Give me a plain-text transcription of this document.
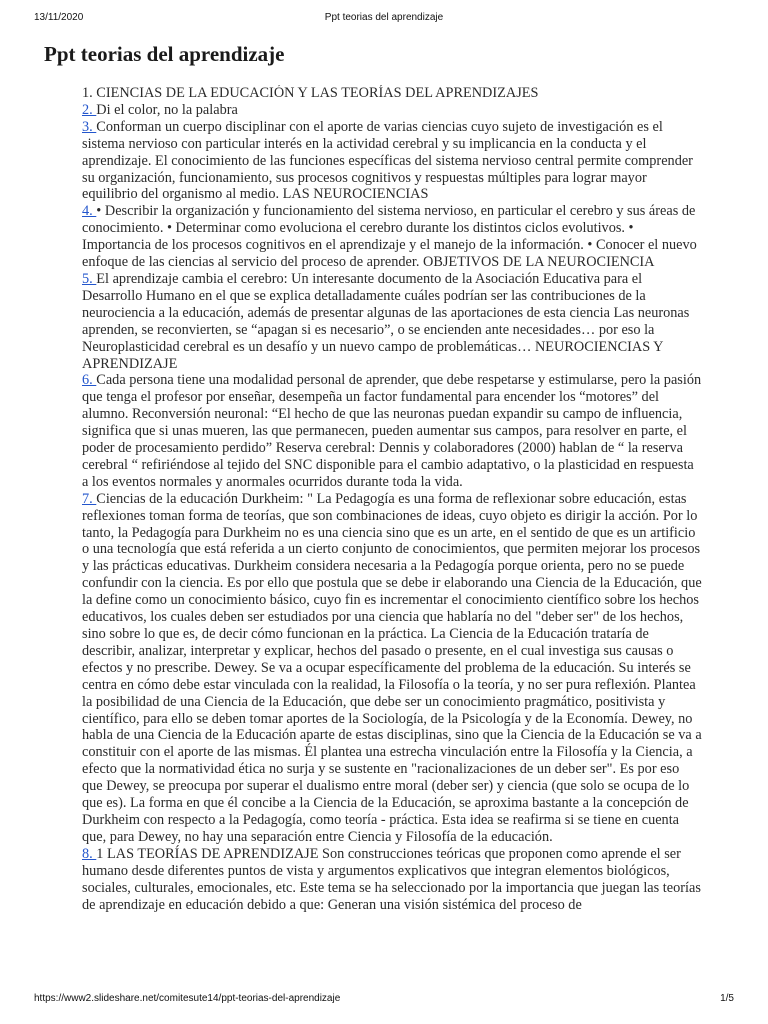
13/11/2020	Ppt teorias del aprendizaje
Ppt teorias del aprendizaje
1. 1. CIENCIAS DE LA EDUCACIÓN Y LAS TEORÍAS DEL APRENDIZAJES
2. 2. Di el color, no la palabra
3. 3. Conforman un cuerpo disciplinar con el aporte de varias ciencias cuyo sujeto de investigación es el sistema nervioso con particular interés en la actividad cerebral y su implicancia en la conducta y el aprendizaje. El conocimiento de las funciones específicas del sistema nervioso central permite comprender su organización, funcionamiento, sus procesos cognitivos y respuestas múltiples para lograr mayor equilibrio del organismo al medio. LAS NEUROCIENCIAS
4. 4. • Describir la organización y funcionamiento del sistema nervioso, en particular el cerebro y sus áreas de conocimiento. • Determinar como evoluciona el cerebro durante los distintos ciclos evolutivos. • Importancia de los procesos cognitivos en el aprendizaje y el manejo de la información. • Conocer el nuevo enfoque de las ciencias al servicio del proceso de aprender. OBJETIVOS DE LA NEUROCIENCIA
5. 5. El aprendizaje cambia el cerebro: Un interesante documento de la Asociación Educativa para el Desarrollo Humano en el que se explica detalladamente cuáles podrían ser las contribuciones de la neurociencia a la educación, además de presentar algunas de las aportaciones de esta ciencia Las neuronas aprenden, se reconvierten, se “apagan si es necesario”, o se encienden ante necesidades… por eso la Neuroplasticidad cerebral es un desafío y un nuevo campo de problemáticas… NEUROCIENCIAS Y APRENDIZAJE
6. 6. Cada persona tiene una modalidad personal de aprender, que debe respetarse y estimularse, pero la pasión que tenga el profesor por enseñar, desempeña un factor fundamental para encender los “motores” del alumno. Reconversión neuronal: “El hecho de que las neuronas puedan expandir su campo de influencia, significa que si unas mueren, las que permanecen, pueden aumentar sus campos, para resolver en parte, el poder de procesamiento perdido” Reserva cerebral: Dennis y colaboradores (2000) hablan de “ la reserva cerebral “ refiriéndose al tejido del SNC disponible para el cambio adaptativo, o la plasticidad en respuesta a los eventos normales y anormales ocurridos durante toda la vida.
7. 7. Ciencias de la educación Durkheim: " La Pedagogía es una forma de reflexionar sobre educación, estas reflexiones toman forma de teorías, que son combinaciones de ideas, cuyo objeto es dirigir la acción. Por lo tanto, la Pedagogía para Durkheim no es una ciencia sino que es un arte, en el sentido de que es un artificio o una tecnología que está referida a un cierto conjunto de conocimientos, que permiten mejorar los procesos y las prácticas educativas. Durkheim considera necesaria a la Pedagogía porque orienta, pero no se puede confundir con la ciencia. Es por ello que postula que se debe ir elaborando una Ciencia de la Educación, que la define como un conocimiento básico, cuyo fin es incrementar el conocimiento científico sobre los hechos educativos, los cuales deben ser estudiados por una ciencia que hablaría no del "deber ser" de los hechos, sino sobre lo que es, de decir cómo funcionan en la práctica. La Ciencia de la Educación trataría de describir, analizar, interpretar y explicar, hechos del pasado o presente, en el cual investiga sus causas o efectos y no prescribe. Dewey. Se va a ocupar específicamente del problema de la educación. Su interés se centra en cómo debe estar vinculada con la realidad, la Filosofía o la teoría, y no ser pura reflexión. Plantea la posibilidad de una Ciencia de la Educación, que debe ser un conocimiento pragmático, positivista y científico, para ello se deben tomar aportes de la Sociología, de la Psicología y de la Economía. Dewey, no habla de una Ciencia de la Educación aparte de estas disciplinas, sino que la Ciencia de la Educación se va a constituir con el aporte de las mismas. Él plantea una estrecha vinculación entre la Filosofía y la Ciencia, a efecto que la normatividad ética no surja y se sustente en "racionalizaciones de un deber ser". Es por eso que Dewey, se preocupa por superar el dualismo entre moral (deber ser) y ciencia (que solo se ocupa de lo que es). La forma en que él concibe a la Ciencia de la Educación, se aproxima bastante a la concepción de Durkheim con respecto a la Pedagogía, como teoría - práctica. Esta idea se reafirma si se tiene en cuenta que, para Dewey, no hay una separación entre Ciencia y Filosofía de la educación.
8. 8. 1 LAS TEORÍAS DE APRENDIZAJE Son construcciones teóricas que proponen como aprende el ser humano desde diferentes puntos de vista y argumentos explicativos que integran elementos biológicos, sociales, culturales, emocionales, etc. Este tema se ha seleccionado por la importancia que juegan las teorías de aprendizaje en educación debido a que: Generan una visión sistémica del proceso de
https://www2.slideshare.net/comitesute14/ppt-teorias-del-aprendizaje	1/5
